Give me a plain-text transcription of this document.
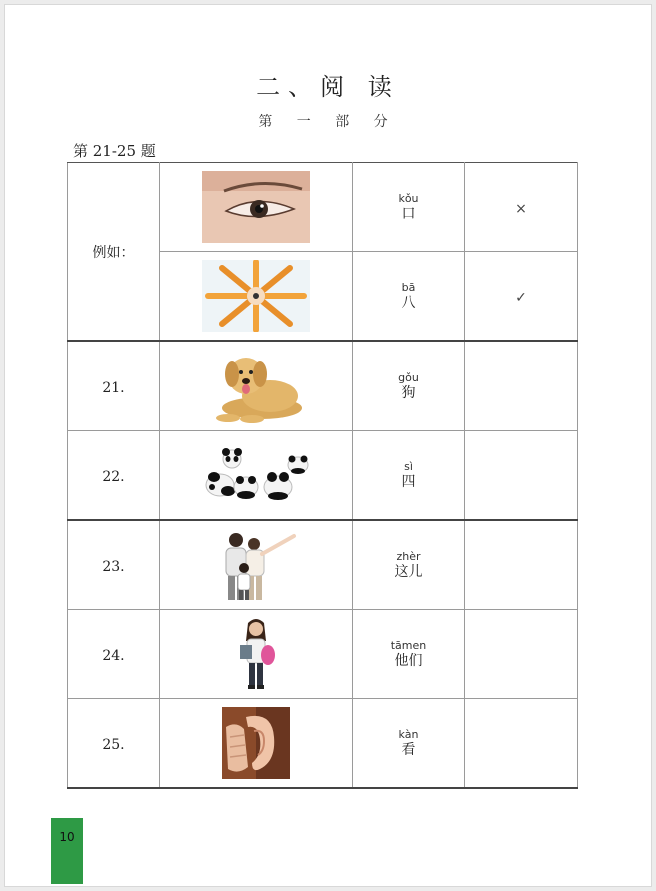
二、阅 读
第 一 部 分
第 21-25 题
例如：		kǒu
口	×

bā
八	✓
21.		gǒu
狗	

22.		sì
四	

23.		zhèr
这儿	

24.		tāmen
他们	

25.		kàn
看	

10
